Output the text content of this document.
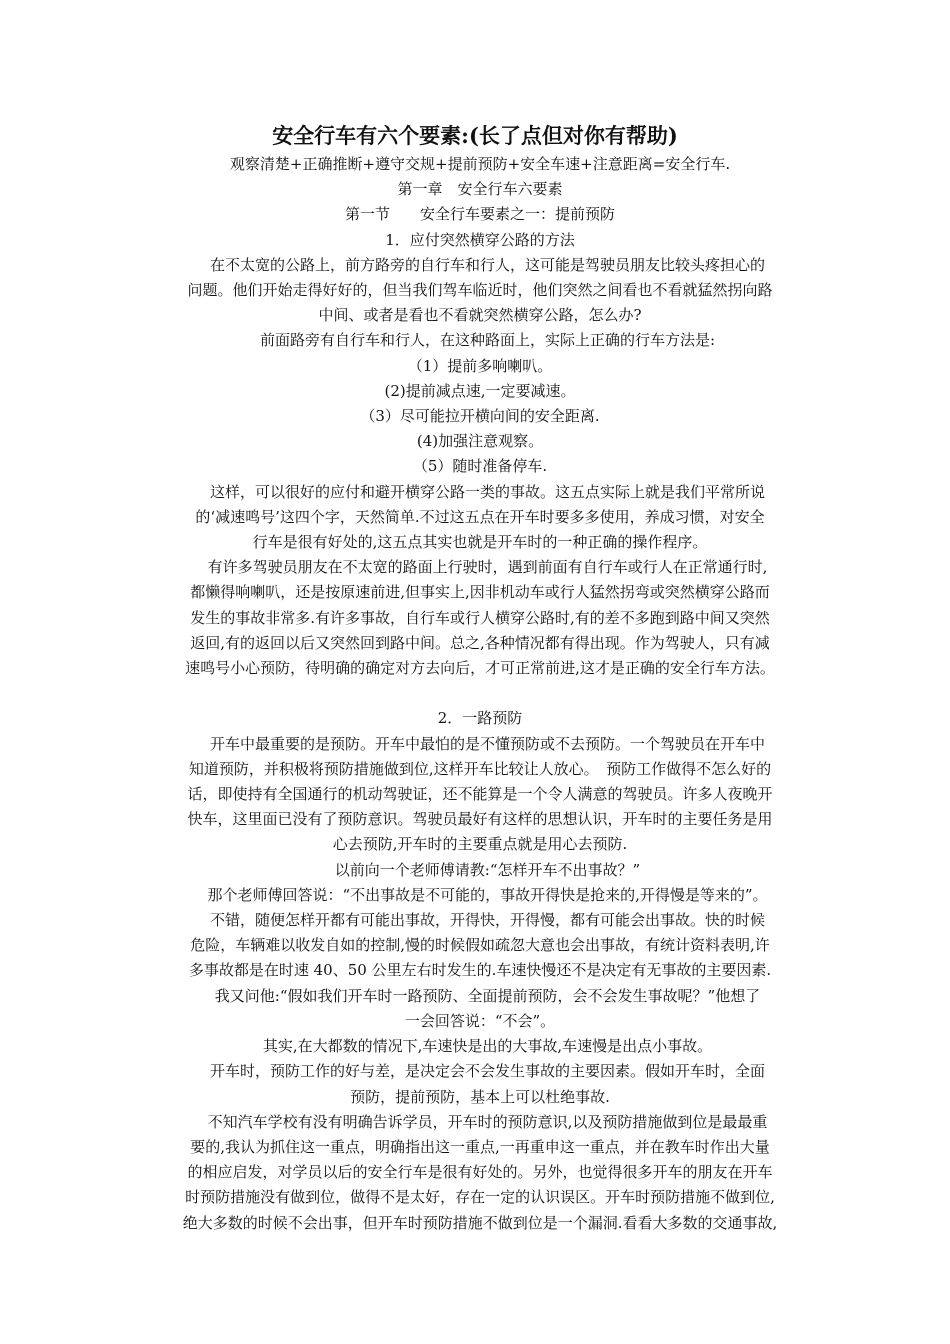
安全行车有六个要素:(长了点但对你有帮助)

观察清楚+正确推断+遵守交规+提前预防+安全车速+注意距离=安全行车.

第一章　安全行车六要素

第一节　　安全行车要素之一：提前预防

1．应付突然横穿公路的方法

　在不太宽的公路上，前方路旁的自行车和行人，这可能是驾驶员朋友比较头疼担心的

问题。他们开始走得好好的，但当我们驾车临近时，他们突然之间看也不看就猛然拐向路

中间、或者是看也不看就突然横穿公路，怎么办?

　前面路旁有自行车和行人，在这种路面上，实际上正确的行车方法是:

（1）提前多响喇叭。

(2)提前减点速,一定要减速。

（3）尽可能拉开横向间的安全距离.

(4)加强注意观察。

（5）随时准备停车.

　这样，可以很好的应付和避开横穿公路一类的事故。这五点实际上就是我们平常所说

的‘减速鸣号’这四个字，天然简单.不过这五点在开车时要多多使用，养成习惯，对安全

行车是很有好处的,这五点其实也就是开车时的一种正确的操作程序。

　有许多驾驶员朋友在不太宽的路面上行驶时，遇到前面有自行车或行人在正常通行时,

都懒得响喇叭，还是按原速前进,但事实上,因非机动车或行人猛然拐弯或突然横穿公路而

发生的事故非常多.有许多事故，自行车或行人横穿公路时,有的差不多跑到路中间又突然

返回,有的返回以后又突然回到路中间。总之,各种情况都有得出现。作为驾驶人，只有减

速鸣号小心预防，待明确的确定对方去向后，才可正常前进,这才是正确的安全行车方法。

2．一路预防

　开车中最重要的是预防。开车中最怕的是不懂预防或不去预防。一个驾驶员在开车中

知道预防，并积极将预防措施做到位,这样开车比较让人放心。　预防工作做得不怎么好的

话，即使持有全国通行的机动驾驶证，还不能算是一个令人满意的驾驶员。许多人夜晚开

快车，这里面已没有了预防意识。驾驶员最好有这样的思想认识，开车时的主要任务是用

心去预防,开车时的主要重点就是用心去预防.

　以前向一个老师傅请教:“怎样开车不出事故？”

　那个老师傅回答说：“不出事故是不可能的，事故开得快是抢来的,开得慢是等来的”。

　不错，随便怎样开都有可能出事故，开得快，开得慢，都有可能会出事故。快的时候

危险，车辆难以收发自如的控制,慢的时候假如疏忽大意也会出事故，有统计资料表明,许

多事故都是在时速 40、50 公里左右时发生的.车速快慢还不是决定有无事故的主要因素.

　我又问他:“假如我们开车时一路预防、全面提前预防，会不会发生事故呢？”他想了

一会回答说：“不会”。

　其实,在大都数的情况下,车速快是出的大事故,车速慢是出点小事故。

　开车时，预防工作的好与差，是决定会不会发生事故的主要因素。假如开车时，全面

预防，提前预防，基本上可以杜绝事故.

　不知汽车学校有没有明确告诉学员，开车时的预防意识,以及预防措施做到位是最最重

要的,我认为抓住这一重点，明确指出这一重点,一再重申这一重点，并在教车时作出大量

的相应启发，对学员以后的安全行车是很有好处的。另外，也觉得很多开车的朋友在开车

时预防措施没有做到位，做得不是太好，存在一定的认识误区。开车时预防措施不做到位,

绝大多数的时候不会出事，但开车时预防措施不做到位是一个漏洞.看看大多数的交通事故,
